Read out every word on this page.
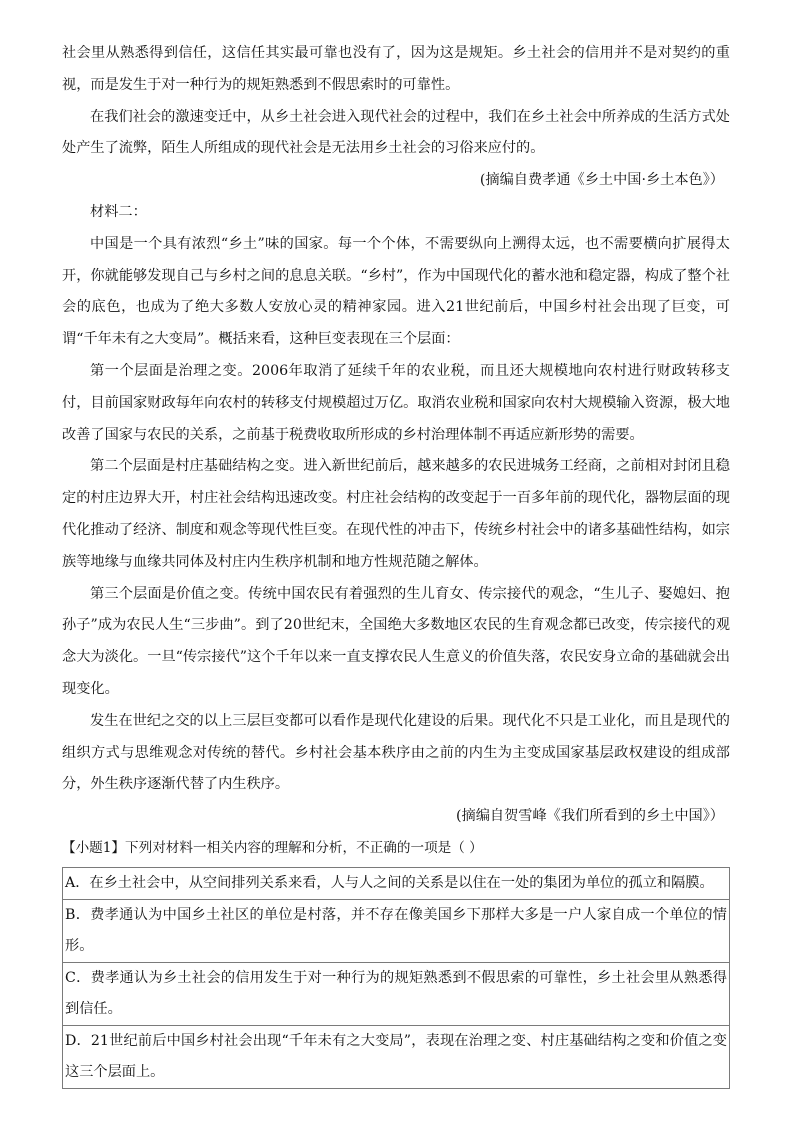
社会里从熟悉得到信任，这信任其实最可靠也没有了，因为这是规矩。乡土社会的信用并不是对契约的重视，而是发生于对一种行为的规矩熟悉到不假思索时的可靠性。

在我们社会的激速变迁中，从乡土社会进入现代社会的过程中，我们在乡土社会中所养成的生活方式处处产生了流弊，陌生人所组成的现代社会是无法用乡土社会的习俗来应付的。

(摘编自费孝通《乡土中国·乡土本色》）

材料二：

中国是一个具有浓烈“乡土”味的国家。每一个个体，不需要纵向上溯得太远，也不需要横向扩展得太开，你就能够发现自己与乡村之间的息息关联。“乡村”，作为中国现代化的蓄水池和稳定器，构成了整个社会的底色，也成为了绝大多数人安放心灵的精神家园。进入21世纪前后，中国乡村社会出现了巨变，可谓“千年未有之大变局”。概括来看，这种巨变表现在三个层面：

第一个层面是治理之变。2006年取消了延续千年的农业税，而且还大规模地向农村进行财政转移支付，目前国家财政每年向农村的转移支付规模超过万亿。取消农业税和国家向农村大规模输入资源，极大地改善了国家与农民的关系，之前基于税费收取所形成的乡村治理体制不再适应新形势的需要。

第二个层面是村庄基础结构之变。进入新世纪前后，越来越多的农民进城务工经商，之前相对封闭且稳定的村庄边界大开，村庄社会结构迅速改变。村庄社会结构的改变起于一百多年前的现代化，器物层面的现代化推动了经济、制度和观念等现代性巨变。在现代性的冲击下，传统乡村社会中的诸多基础性结构，如宗族等地缘与血缘共同体及村庄内生秩序机制和地方性规范随之解体。

第三个层面是价值之变。传统中国农民有着强烈的生儿育女、传宗接代的观念，“生儿子、娶媳妇、抱孙子”成为农民人生“三步曲”。到了20世纪末，全国绝大多数地区农民的生育观念都已改变，传宗接代的观念大为淡化。一旦“传宗接代”这个千年以来一直支撑农民人生意义的价值失落，农民安身立命的基础就会出现变化。

发生在世纪之交的以上三层巨变都可以看作是现代化建设的后果。现代化不只是工业化，而且是现代的组织方式与思维观念对传统的替代。乡村社会基本秩序由之前的内生为主变成国家基层政权建设的组成部分，外生秩序逐渐代替了内生秩序。

(摘编自贺雪峰《我们所看到的乡土中国》）

【小题1】下列对材料一相关内容的理解和分析，不正确的一项是（ ）

A．在乡土社会中，从空间排列关系来看，人与人之间的关系是以住在一处的集团为单位的孤立和隔膜。
B．费孝通认为中国乡土社区的单位是村落，并不存在像美国乡下那样大多是一户人家自成一个单位的情形。
C．费孝通认为乡土社会的信用发生于对一种行为的规矩熟悉到不假思索的可靠性，乡土社会里从熟悉得到信任。
D．21世纪前后中国乡村社会出现“千年未有之大变局”，表现在治理之变、村庄基础结构之变和价值之变这三个层面上。
